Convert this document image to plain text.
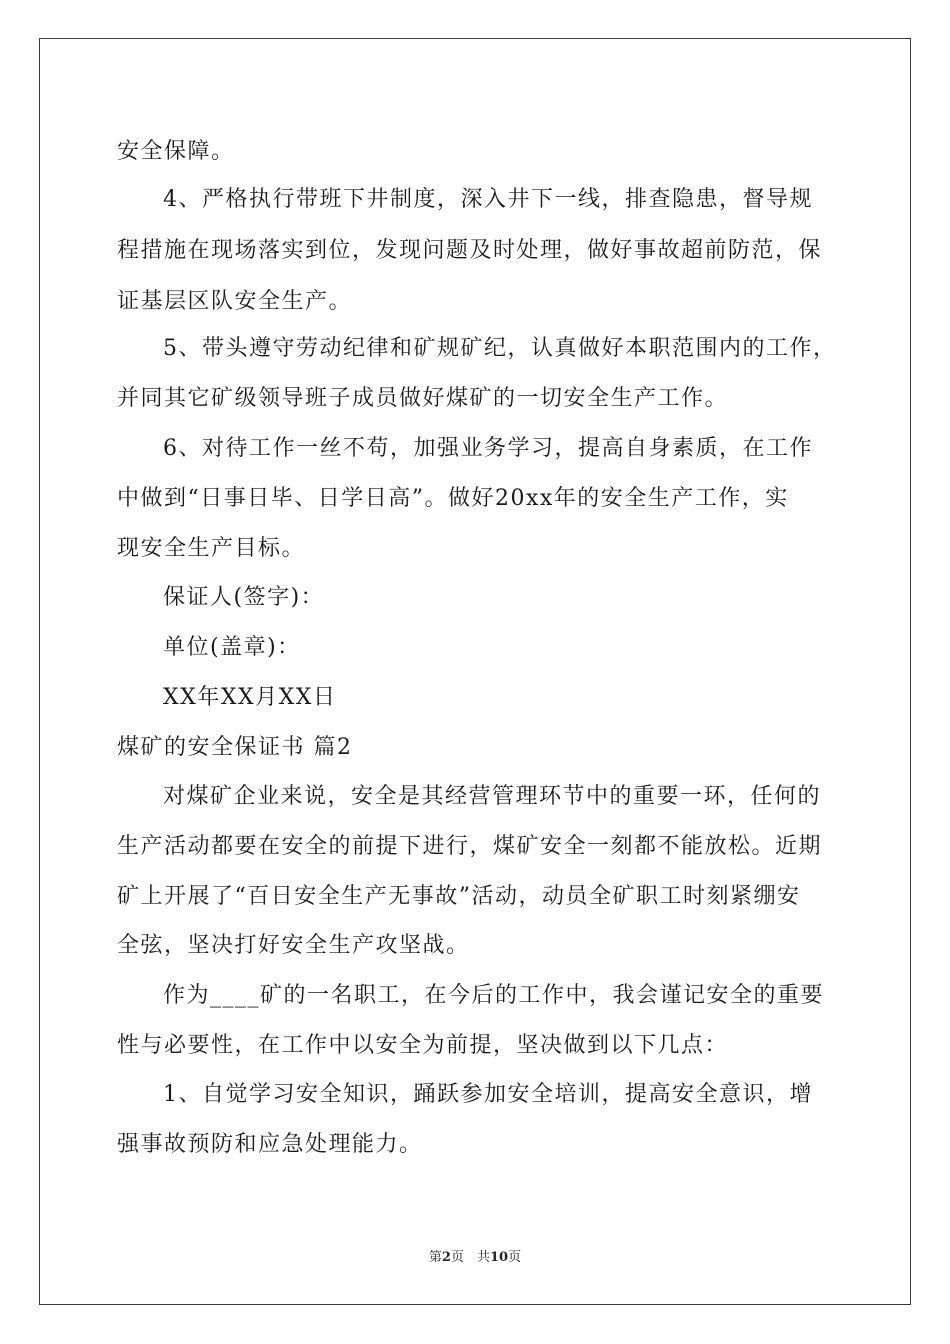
安全保障。
4、严格执行带班下井制度，深入井下一线，排查隐患，督导规
程措施在现场落实到位，发现问题及时处理，做好事故超前防范，保
证基层区队安全生产。
5、带头遵守劳动纪律和矿规矿纪，认真做好本职范围内的工作，
并同其它矿级领导班子成员做好煤矿的一切安全生产工作。
6、对待工作一丝不苟，加强业务学习，提高自身素质，在工作
中做到“日事日毕、日学日高”。做好20xx年的安全生产工作，实
现安全生产目标。
保证人(签字)：
单位(盖章)：
XX年XX月XX日
煤矿的安全保证书 篇2
对煤矿企业来说，安全是其经营管理环节中的重要一环，任何的
生产活动都要在安全的前提下进行，煤矿安全一刻都不能放松。近期
矿上开展了“百日安全生产无事故”活动，动员全矿职工时刻紧绷安
全弦，坚决打好安全生产攻坚战。
作为____矿的一名职工，在今后的工作中，我会谨记安全的重要
性与必要性，在工作中以安全为前提，坚决做到以下几点：
1、自觉学习安全知识，踊跃参加安全培训，提高安全意识，增
强事故预防和应急处理能力。
第2页　共10页
